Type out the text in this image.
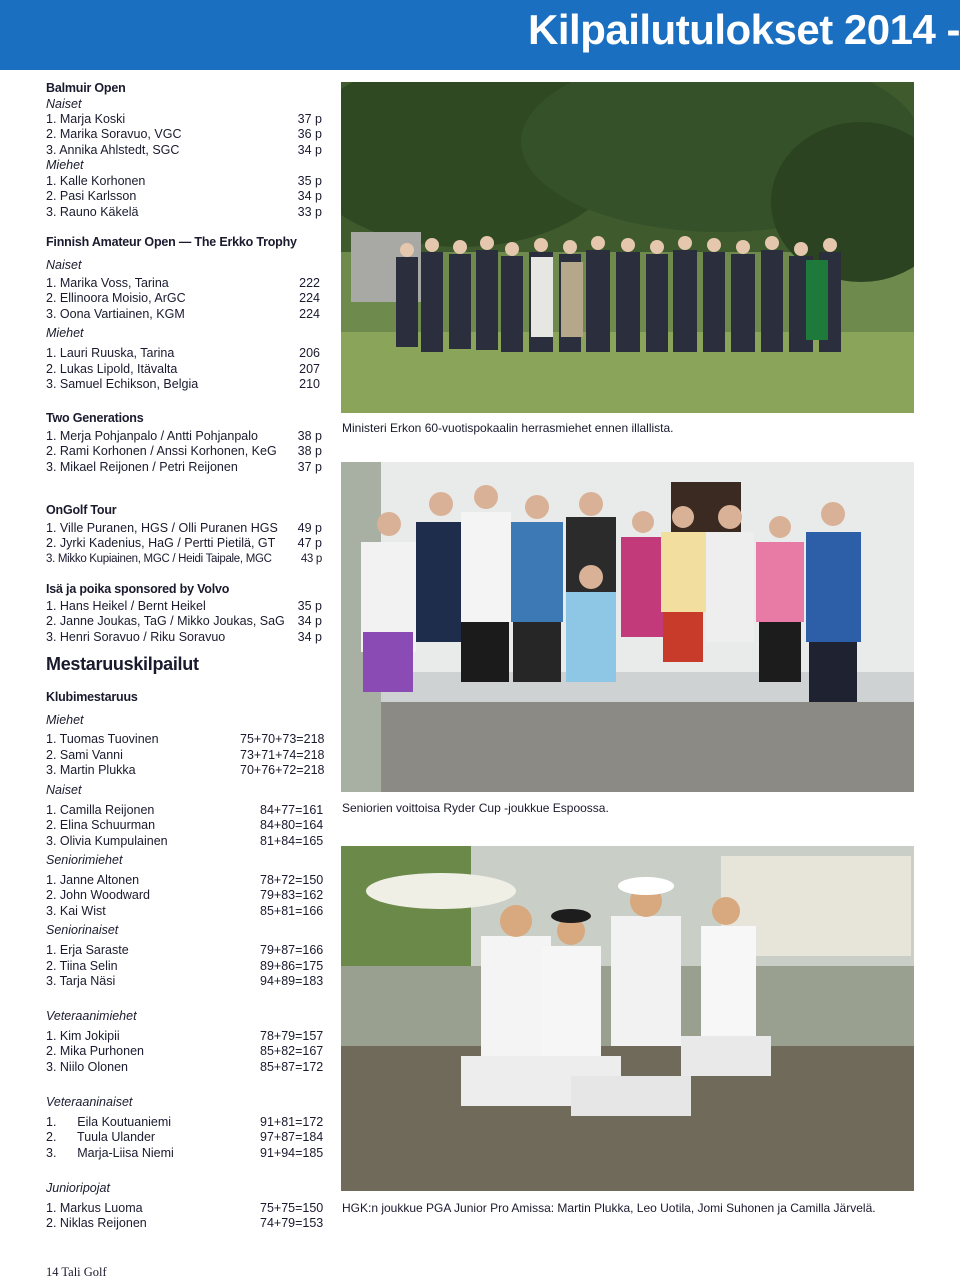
Kilpailutulokset 2014 -
Balmuir Open
Naiset
1. Marja Koski	37 p
2. Marika Soravuo, VGC	36 p
3. Annika Ahlstedt, SGC	34 p
Miehet
1. Kalle Korhonen	35 p
2. Pasi Karlsson	34 p
3. Rauno Käkelä	33 p
Finnish Amateur Open — The Erkko Trophy
Naiset
1. Marika Voss, Tarina	222
2. Ellinoora Moisio, ArGC	224
3. Oona Vartiainen, KGM	224
Miehet
1. Lauri Ruuska, Tarina	206
2. Lukas Lipold, Itävalta	207
3. Samuel Echikson, Belgia	210
Two Generations
1. Merja Pohjanpalo / Antti Pohjanpalo	38 p
2. Rami Korhonen / Anssi Korhonen, KeG 38 p
3. Mikael Reijonen / Petri Reijonen	37 p
OnGolf Tour
1. Ville Puranen, HGS / Olli Puranen HGS 49 p
2. Jyrki Kadenius, HaG / Pertti Pietilä, GT 47 p
3. Mikko Kupiainen, MGC / Heidi Taipale, MGC	43 p
Isä ja poika sponsored by Volvo
1. Hans Heikel / Bernt Heikel	35 p
2. Janne Joukas, TaG / Mikko Joukas, SaG 34 p
3. Henri Soravuo / Riku Soravuo	34 p
Mestaruuskilpailut
Klubimestaruus
Miehet
1. Tuomas Tuovinen	75+70+73=218
2. Sami Vanni	73+71+74=218
3. Martin Plukka	70+76+72=218
Naiset
1. Camilla Reijonen	84+77=161
2. Elina Schuurman	84+80=164
3. Olivia Kumpulainen	81+84=165
Seniorimiehet
1. Janne Altonen	78+72=150
2. John Woodward	79+83=162
3. Kai Wist	85+81=166
Seniorinaiset
1. Erja Saraste	79+87=166
2. Tiina Selin	89+86=175
3. Tarja Näsi	94+89=183
Veteraanimiehet
1. Kim Jokipii	78+79=157
2. Mika Purhonen	85+82=167
3. Niilo Olonen	85+87=172
Veteraaninaiset
1.      Eila Koutuaniemi	91+81=172
2.      Tuula Ulander	97+87=184
3.      Marja-Liisa Niemi	91+94=185
Junioripojat
1. Markus Luoma	75+75=150
2. Niklas Reijonen	74+79=153
Ministeri Erkon 60-vuotispokaalin herrasmiehet ennen illallista.
Seniorien voittoisa Ryder Cup -joukkue Espoossa.
HGK:n joukkue PGA Junior Pro Amissa: Martin Plukka, Leo Uotila, Jomi Suhonen ja Camilla Järvelä.
14 Tali Golf
